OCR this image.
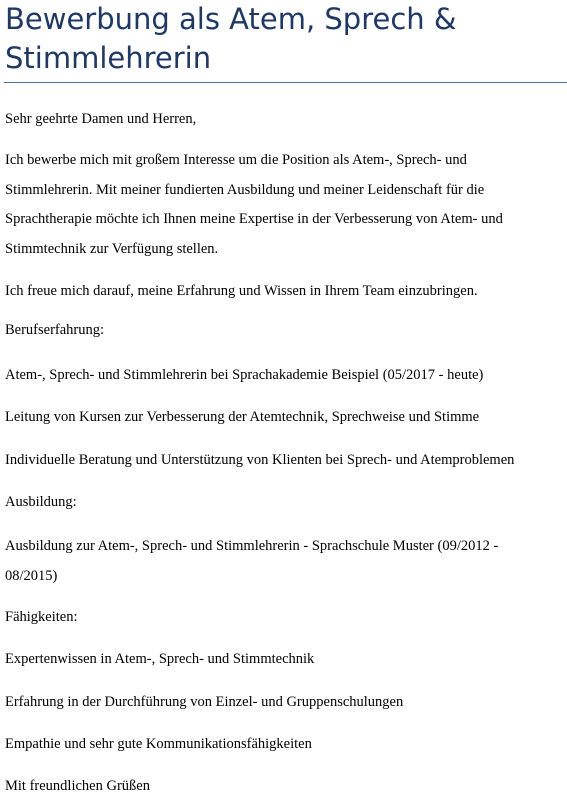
Bewerbung als Atem, Sprech & Stimmlehrerin

Sehr geehrte Damen und Herren,

Ich bewerbe mich mit großem Interesse um die Position als Atem-, Sprech- und Stimmlehrerin. Mit meiner fundierten Ausbildung und meiner Leidenschaft für die Sprachtherapie möchte ich Ihnen meine Expertise in der Verbesserung von Atem- und Stimmtechnik zur Verfügung stellen.

Ich freue mich darauf, meine Erfahrung und Wissen in Ihrem Team einzubringen.

Berufserfahrung:

Atem-, Sprech- und Stimmlehrerin bei Sprachakademie Beispiel (05/2017 - heute)

Leitung von Kursen zur Verbesserung der Atemtechnik, Sprechweise und Stimme

Individuelle Beratung und Unterstützung von Klienten bei Sprech- und Atemproblemen

Ausbildung:

Ausbildung zur Atem-, Sprech- und Stimmlehrerin - Sprachschule Muster (09/2012 - 08/2015)

Fähigkeiten:

Expertenwissen in Atem-, Sprech- und Stimmtechnik

Erfahrung in der Durchführung von Einzel- und Gruppenschulungen

Empathie und sehr gute Kommunikationsfähigkeiten

Mit freundlichen Grüßen
